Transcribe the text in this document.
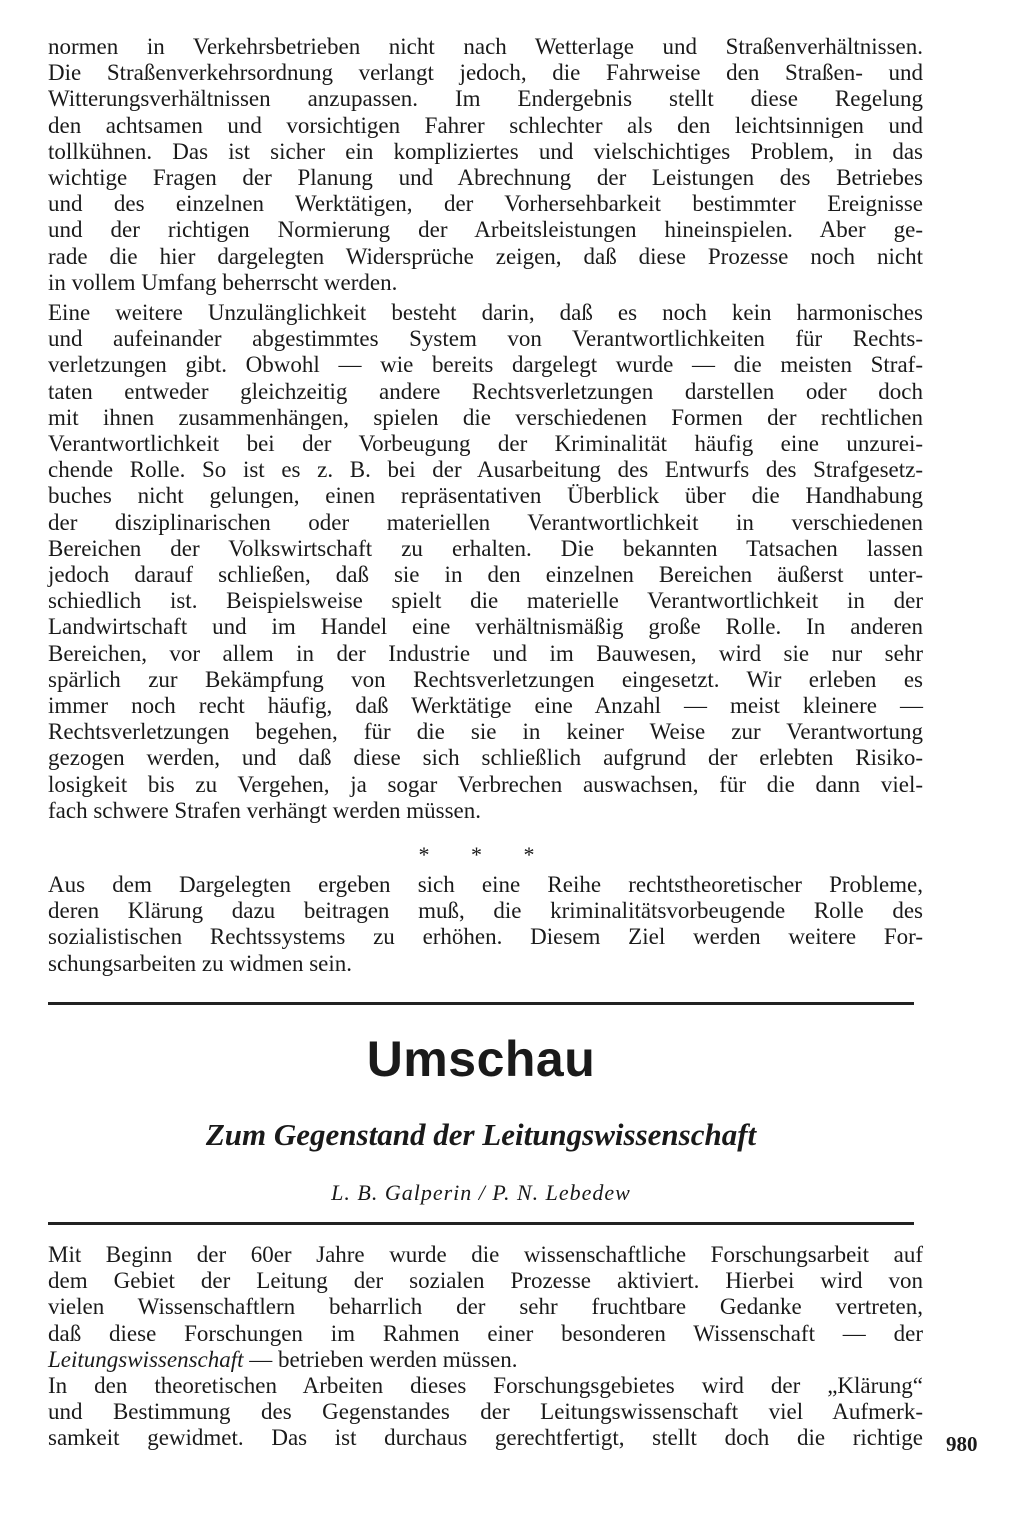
normen in Verkehrsbetrieben nicht nach Wetterlage und Straßenverhältnissen.
Die Straßenverkehrsordnung verlangt jedoch, die Fahrweise den Straßen- und
Witterungsverhältnissen anzupassen. Im Endergebnis stellt diese Regelung
den achtsamen und vorsichtigen Fahrer schlechter als den leichtsinnigen und
tollkühnen. Das ist sicher ein kompliziertes und vielschichtiges Problem, in das
wichtige Fragen der Planung und Abrechnung der Leistungen des Betriebes
und des einzelnen Werktätigen, der Vorhersehbarkeit bestimmter Ereignisse
und der richtigen Normierung der Arbeitsleistungen hineinspielen. Aber ge-
rade die hier dargelegten Widersprüche zeigen, daß diese Prozesse noch nicht
in vollem Umfang beherrscht werden.
Eine weitere Unzulänglichkeit besteht darin, daß es noch kein harmonisches
und aufeinander abgestimmtes System von Verantwortlichkeiten für Rechts-
verletzungen gibt. Obwohl — wie bereits dargelegt wurde — die meisten Straf-
taten entweder gleichzeitig andere Rechtsverletzungen darstellen oder doch
mit ihnen zusammenhängen, spielen die verschiedenen Formen der rechtlichen
Verantwortlichkeit bei der Vorbeugung der Kriminalität häufig eine unzurei-
chende Rolle. So ist es z. B. bei der Ausarbeitung des Entwurfs des Strafgesetz-
buches nicht gelungen, einen repräsentativen Überblick über die Handhabung
der disziplinarischen oder materiellen Verantwortlichkeit in verschiedenen
Bereichen der Volkswirtschaft zu erhalten. Die bekannten Tatsachen lassen
jedoch darauf schließen, daß sie in den einzelnen Bereichen äußerst unter-
schiedlich ist. Beispielsweise spielt die materielle Verantwortlichkeit in der
Landwirtschaft und im Handel eine verhältnismäßig große Rolle. In anderen
Bereichen, vor allem in der Industrie und im Bauwesen, wird sie nur sehr
spärlich zur Bekämpfung von Rechtsverletzungen eingesetzt. Wir erleben es
immer noch recht häufig, daß Werktätige eine Anzahl — meist kleinere —
Rechtsverletzungen begehen, für die sie in keiner Weise zur Verantwortung
gezogen werden, und daß diese sich schließlich aufgrund der erlebten Risiko-
losigkeit bis zu Vergehen, ja sogar Verbrechen auswachsen, für die dann viel-
fach schwere Strafen verhängt werden müssen.
* * *
Aus dem Dargelegten ergeben sich eine Reihe rechtstheoretischer Probleme,
deren Klärung dazu beitragen muß, die kriminalitätsvorbeugende Rolle des
sozialistischen Rechtssystems zu erhöhen. Diesem Ziel werden weitere For-
schungsarbeiten zu widmen sein.
Umschau
Zum Gegenstand der Leitungswissenschaft
L. B. Galperin / P. N. Lebedew
Mit Beginn der 60er Jahre wurde die wissenschaftliche Forschungsarbeit auf
dem Gebiet der Leitung der sozialen Prozesse aktiviert. Hierbei wird von
vielen Wissenschaftlern beharrlich der sehr fruchtbare Gedanke vertreten,
daß diese Forschungen im Rahmen einer besonderen Wissenschaft — der
Leitungswissenschaft — betrieben werden müssen.
In den theoretischen Arbeiten dieses Forschungsgebietes wird der „Klärung“
und Bestimmung des Gegenstandes der Leitungswissenschaft viel Aufmerk-
samkeit gewidmet. Das ist durchaus gerechtfertigt, stellt doch die richtige 980
